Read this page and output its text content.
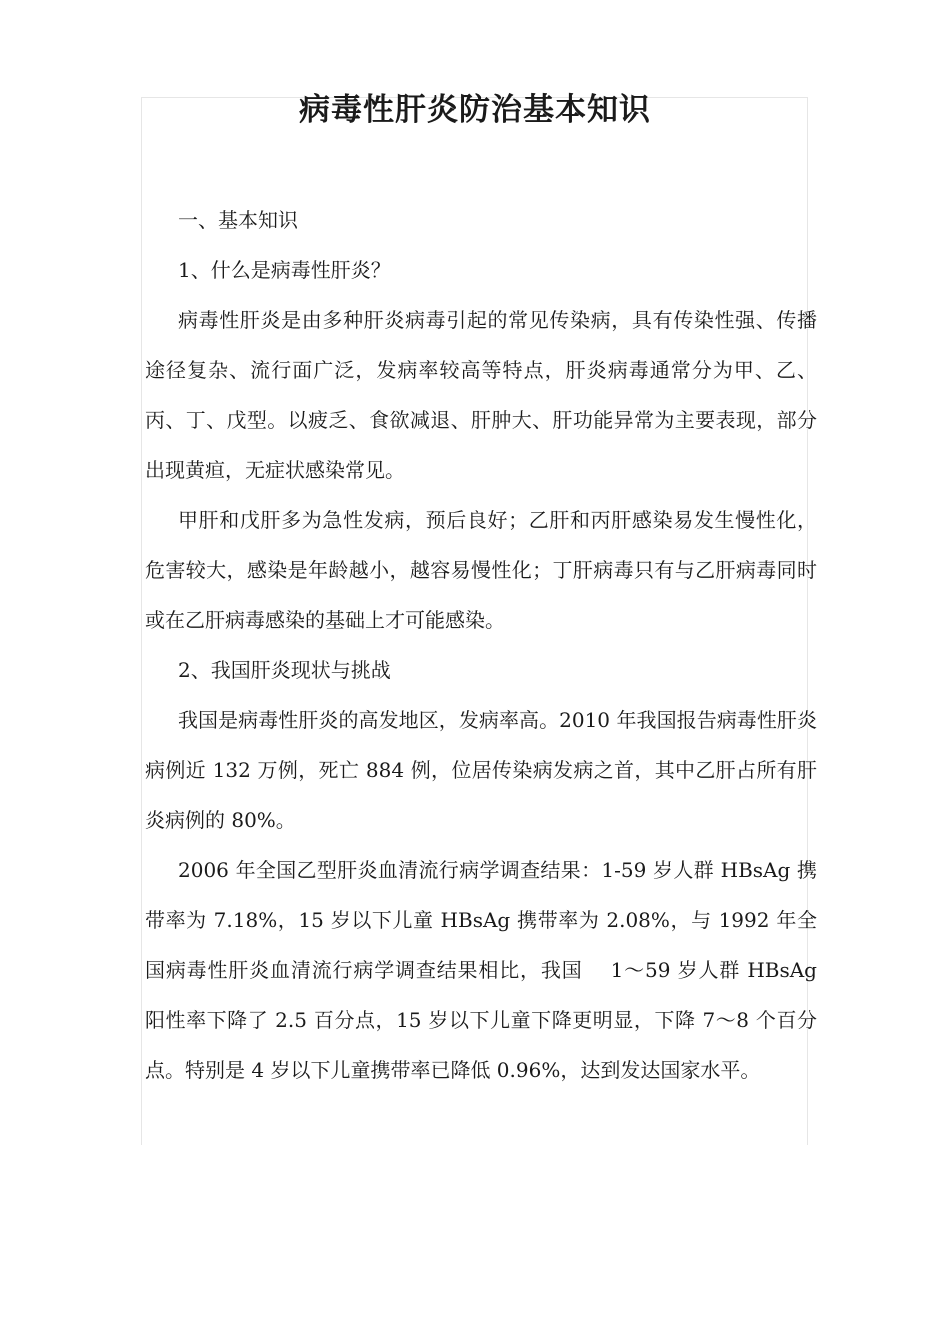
病毒性肝炎防治基本知识

一、基本知识

1、什么是病毒性肝炎？

病毒性肝炎是由多种肝炎病毒引起的常见传染病，具有传染性强、传播途径复杂、流行面广泛，发病率较高等特点，肝炎病毒通常分为甲、乙、丙、丁、戊型。以疲乏、食欲减退、肝肿大、肝功能异常为主要表现，部分出现黄疸，无症状感染常见。

甲肝和戊肝多为急性发病，预后良好；乙肝和丙肝感染易发生慢性化，危害较大，感染是年龄越小，越容易慢性化；丁肝病毒只有与乙肝病毒同时或在乙肝病毒感染的基础上才可能感染。

2、我国肝炎现状与挑战

我国是病毒性肝炎的高发地区，发病率高。2010 年我国报告病毒性肝炎病例近 132 万例，死亡 884 例，位居传染病发病之首，其中乙肝占所有肝炎病例的 80%。

2006 年全国乙型肝炎血清流行病学调查结果：1-59 岁人群 HBsAg 携带率为 7.18%，15 岁以下儿童 HBsAg 携带率为 2.08%，与 1992 年全国病毒性肝炎血清流行病学调查结果相比，我国　 1～59 岁人群 HBsAg 阳性率下降了 2.5 百分点，15 岁以下儿童下降更明显，下降 7～8 个百分点。特别是 4 岁以下儿童携带率已降低 0.96%，达到发达国家水平。
